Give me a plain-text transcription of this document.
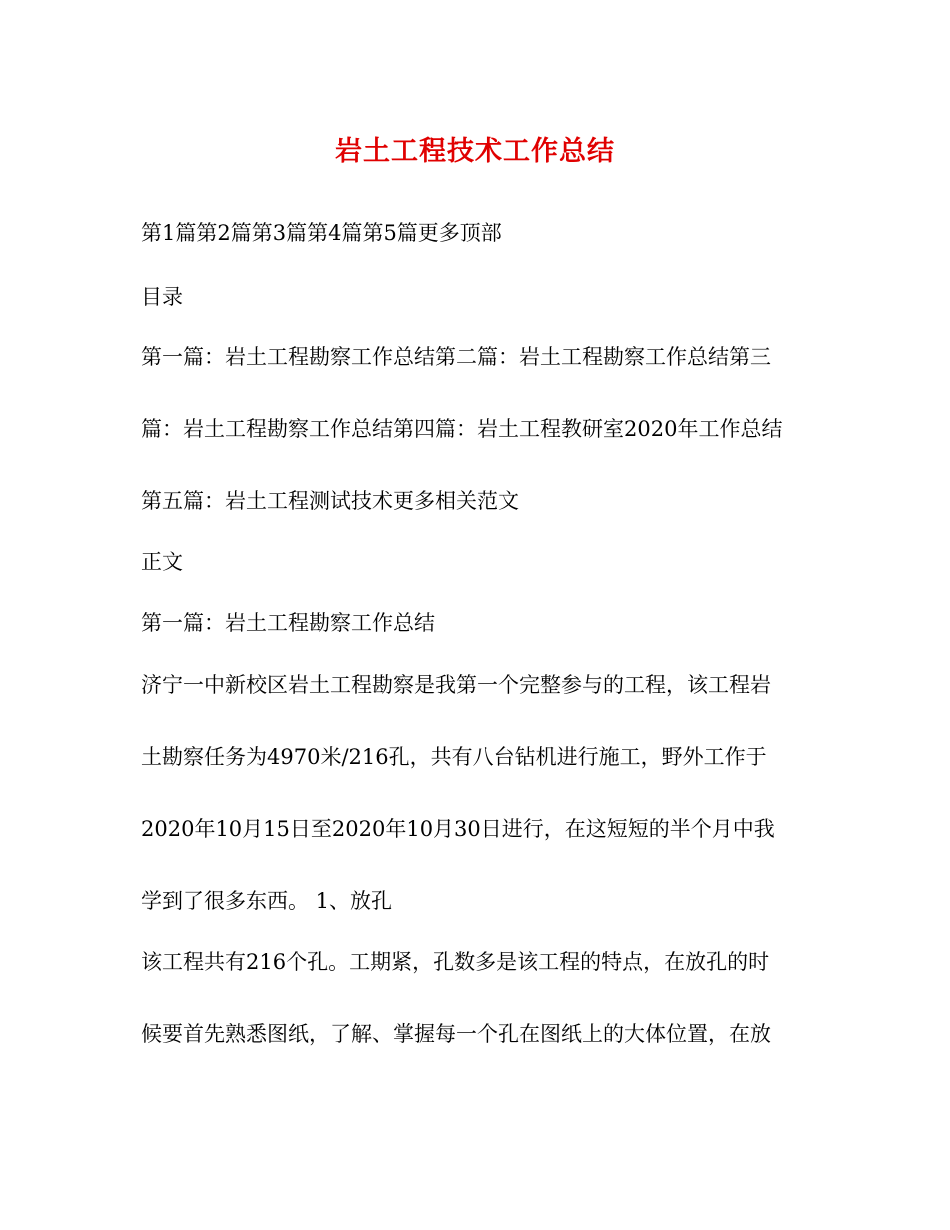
岩土工程技术工作总结
第1篇第2篇第3篇第4篇第5篇更多顶部
目录
第一篇：岩土工程勘察工作总结第二篇：岩土工程勘察工作总结第三
篇：岩土工程勘察工作总结第四篇：岩土工程教研室2020年工作总结
第五篇：岩土工程测试技术更多相关范文
正文
第一篇：岩土工程勘察工作总结
济宁一中新校区岩土工程勘察是我第一个完整参与的工程，该工程岩
土勘察任务为4970米/216孔，共有八台钻机进行施工，野外工作于
2020年10月15日至2020年10月30日进行，在这短短的半个月中我
学到了很多东西。 1、放孔
该工程共有216个孔。工期紧，孔数多是该工程的特点，在放孔的时
候要首先熟悉图纸，了解、掌握每一个孔在图纸上的大体位置，在放
